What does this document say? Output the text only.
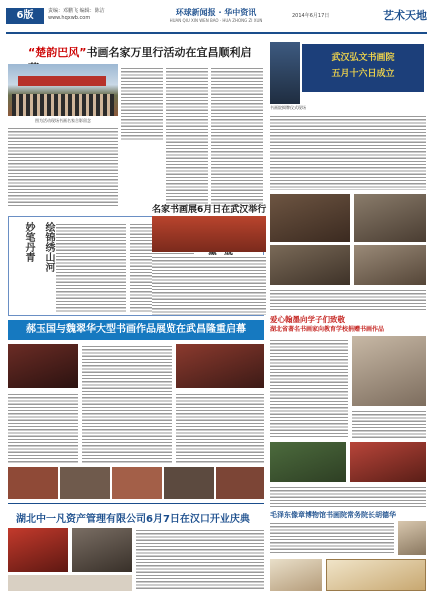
6版	责编：邓鹏飞 编辑：陈洁
www.hqxwb.com
环球新闻报 · 华中资讯
HUAN QIU XIN WEN BAO · HUA ZHONG ZI XUN
2014年6月17日	艺术天地
“楚韵巴风”书画名家万里行活动在宜昌顺利启
图为活动现场书画名家合影留念
武汉弘文书画院
五月十六日成立
书画院揭牌仪式现场
妙笔丹青 绘锦绣山河
名家书画展6月日在武汉举行
郝玉国与魏翠华大型书画作品展览在武昌隆重启幕
爱心翰墨向学子们致敬
湖北省著名书画家向教育学校捐赠书画作品
湖北中一凡资产管理有限公司6月7日在汉口开业庆典	毛泽东像章博物馆书画院常务院长胡德华
